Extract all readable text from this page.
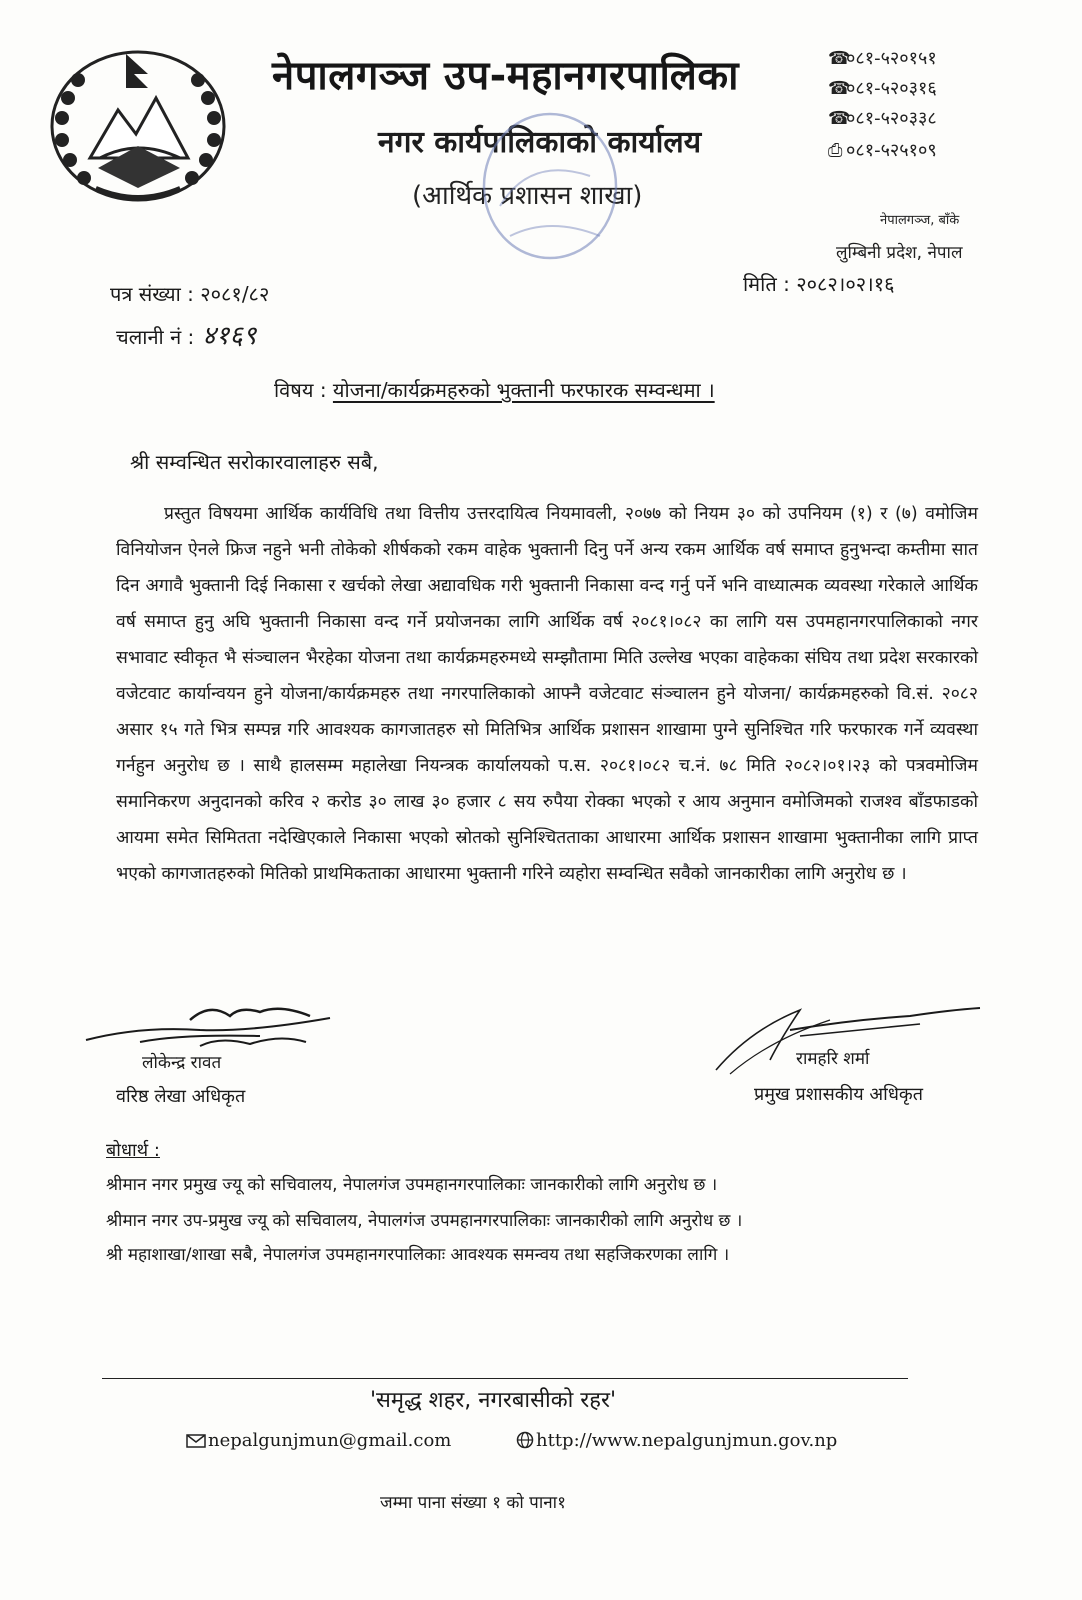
नेपालगञ्ज उप-महानगरपालिका
नगर कार्यपालिकाको कार्यालय
(आर्थिक प्रशासन शाखा)
☎०८१-५२०१५१
☎०८१-५२०३१६
☎०८१-५२०३३८
⎙ ०८१-५२५१०९
नेपालगञ्ज, बाँके
लुम्बिनी प्रदेश, नेपाल
पत्र संख्या : २०८१/८२	मिति : २०८२।०२।१६
चलानी नं : ४१६९
विषय : योजना/कार्यक्रमहरुको भुक्तानी फरफारक सम्वन्धमा ।
श्री सम्वन्धित सरोकारवालाहरु सबै,
प्रस्तुत विषयमा आर्थिक कार्यविधि तथा वित्तीय उत्तरदायित्व नियमावली, २०७७ को नियम ३० को उपनियम (१) र (७) वमोजिम विनियोजन ऐनले फ्रिज नहुने भनी तोकेको शीर्षकको रकम वाहेक भुक्तानी दिनु पर्ने अन्य रकम आर्थिक वर्ष समाप्त हुनुभन्दा कम्तीमा सात दिन अगावै भुक्तानी दिई निकासा र खर्चको लेखा अद्यावधिक गरी भुक्तानी निकासा वन्द गर्नु पर्ने भनि वाध्यात्मक व्यवस्था गरेकाले आर्थिक वर्ष समाप्त हुनु अघि भुक्तानी निकासा वन्द गर्ने प्रयोजनका लागि आर्थिक वर्ष २०८१।०८२ का लागि यस उपमहानगरपालिकाको नगर सभावाट स्वीकृत भै संञ्चालन भैरहेका योजना तथा कार्यक्रमहरुमध्ये सम्झौतामा मिति उल्लेख भएका वाहेकका संघिय तथा प्रदेश सरकारको वजेटवाट कार्यान्वयन हुने योजना/कार्यक्रमहरु तथा नगरपालिकाको आफ्नै वजेटवाट संञ्चालन हुने योजना/ कार्यक्रमहरुको वि.सं. २०८२ असार १५ गते भित्र सम्पन्न गरि आवश्यक कागजातहरु सो मितिभित्र आर्थिक प्रशासन शाखामा पुग्ने सुनिश्चित गरि फरफारक गर्ने व्यवस्था गर्नहुन अनुरोध छ । साथै हालसम्म महालेखा नियन्त्रक कार्यालयको प.स. २०८१।०८२ च.नं. ७८ मिति २०८२।०१।२३ को पत्रवमोजिम समानिकरण अनुदानको करिव २ करोड ३० लाख ३० हजार ८ सय रुपैया रोक्का भएको र आय अनुमान वमोजिमको राजश्व बाँडफाडको आयमा समेत सिमितता नदेखिएकाले निकासा भएको स्रोतको सुनिश्चितताका आधारमा आर्थिक प्रशासन शाखामा भुक्तानीका लागि प्राप्त भएको कागजातहरुको मितिको प्राथमिकताका आधारमा भुक्तानी गरिने व्यहोरा सम्वन्धित सवैको जानकारीका लागि अनुरोध छ ।
लोकेन्द्र रावत
वरिष्ठ लेखा अधिकृत
रामहरि शर्मा
प्रमुख प्रशासकीय अधिकृत
बोधार्थ :
श्रीमान नगर प्रमुख ज्यू को सचिवालय, नेपालगंज उपमहानगरपालिकाः जानकारीको लागि अनुरोध छ ।
श्रीमान नगर उप-प्रमुख ज्यू को सचिवालय, नेपालगंज उपमहानगरपालिकाः जानकारीको लागि अनुरोध छ ।
श्री महाशाखा/शाखा सबै, नेपालगंज उपमहानगरपालिकाः आवश्यक समन्वय तथा सहजिकरणका लागि ।
'समृद्ध शहर, नगरबासीको रहर'
nepalgunjmun@gmail.com	http://www.nepalgunjmun.gov.np
जम्मा पाना संख्या १ को पाना१
